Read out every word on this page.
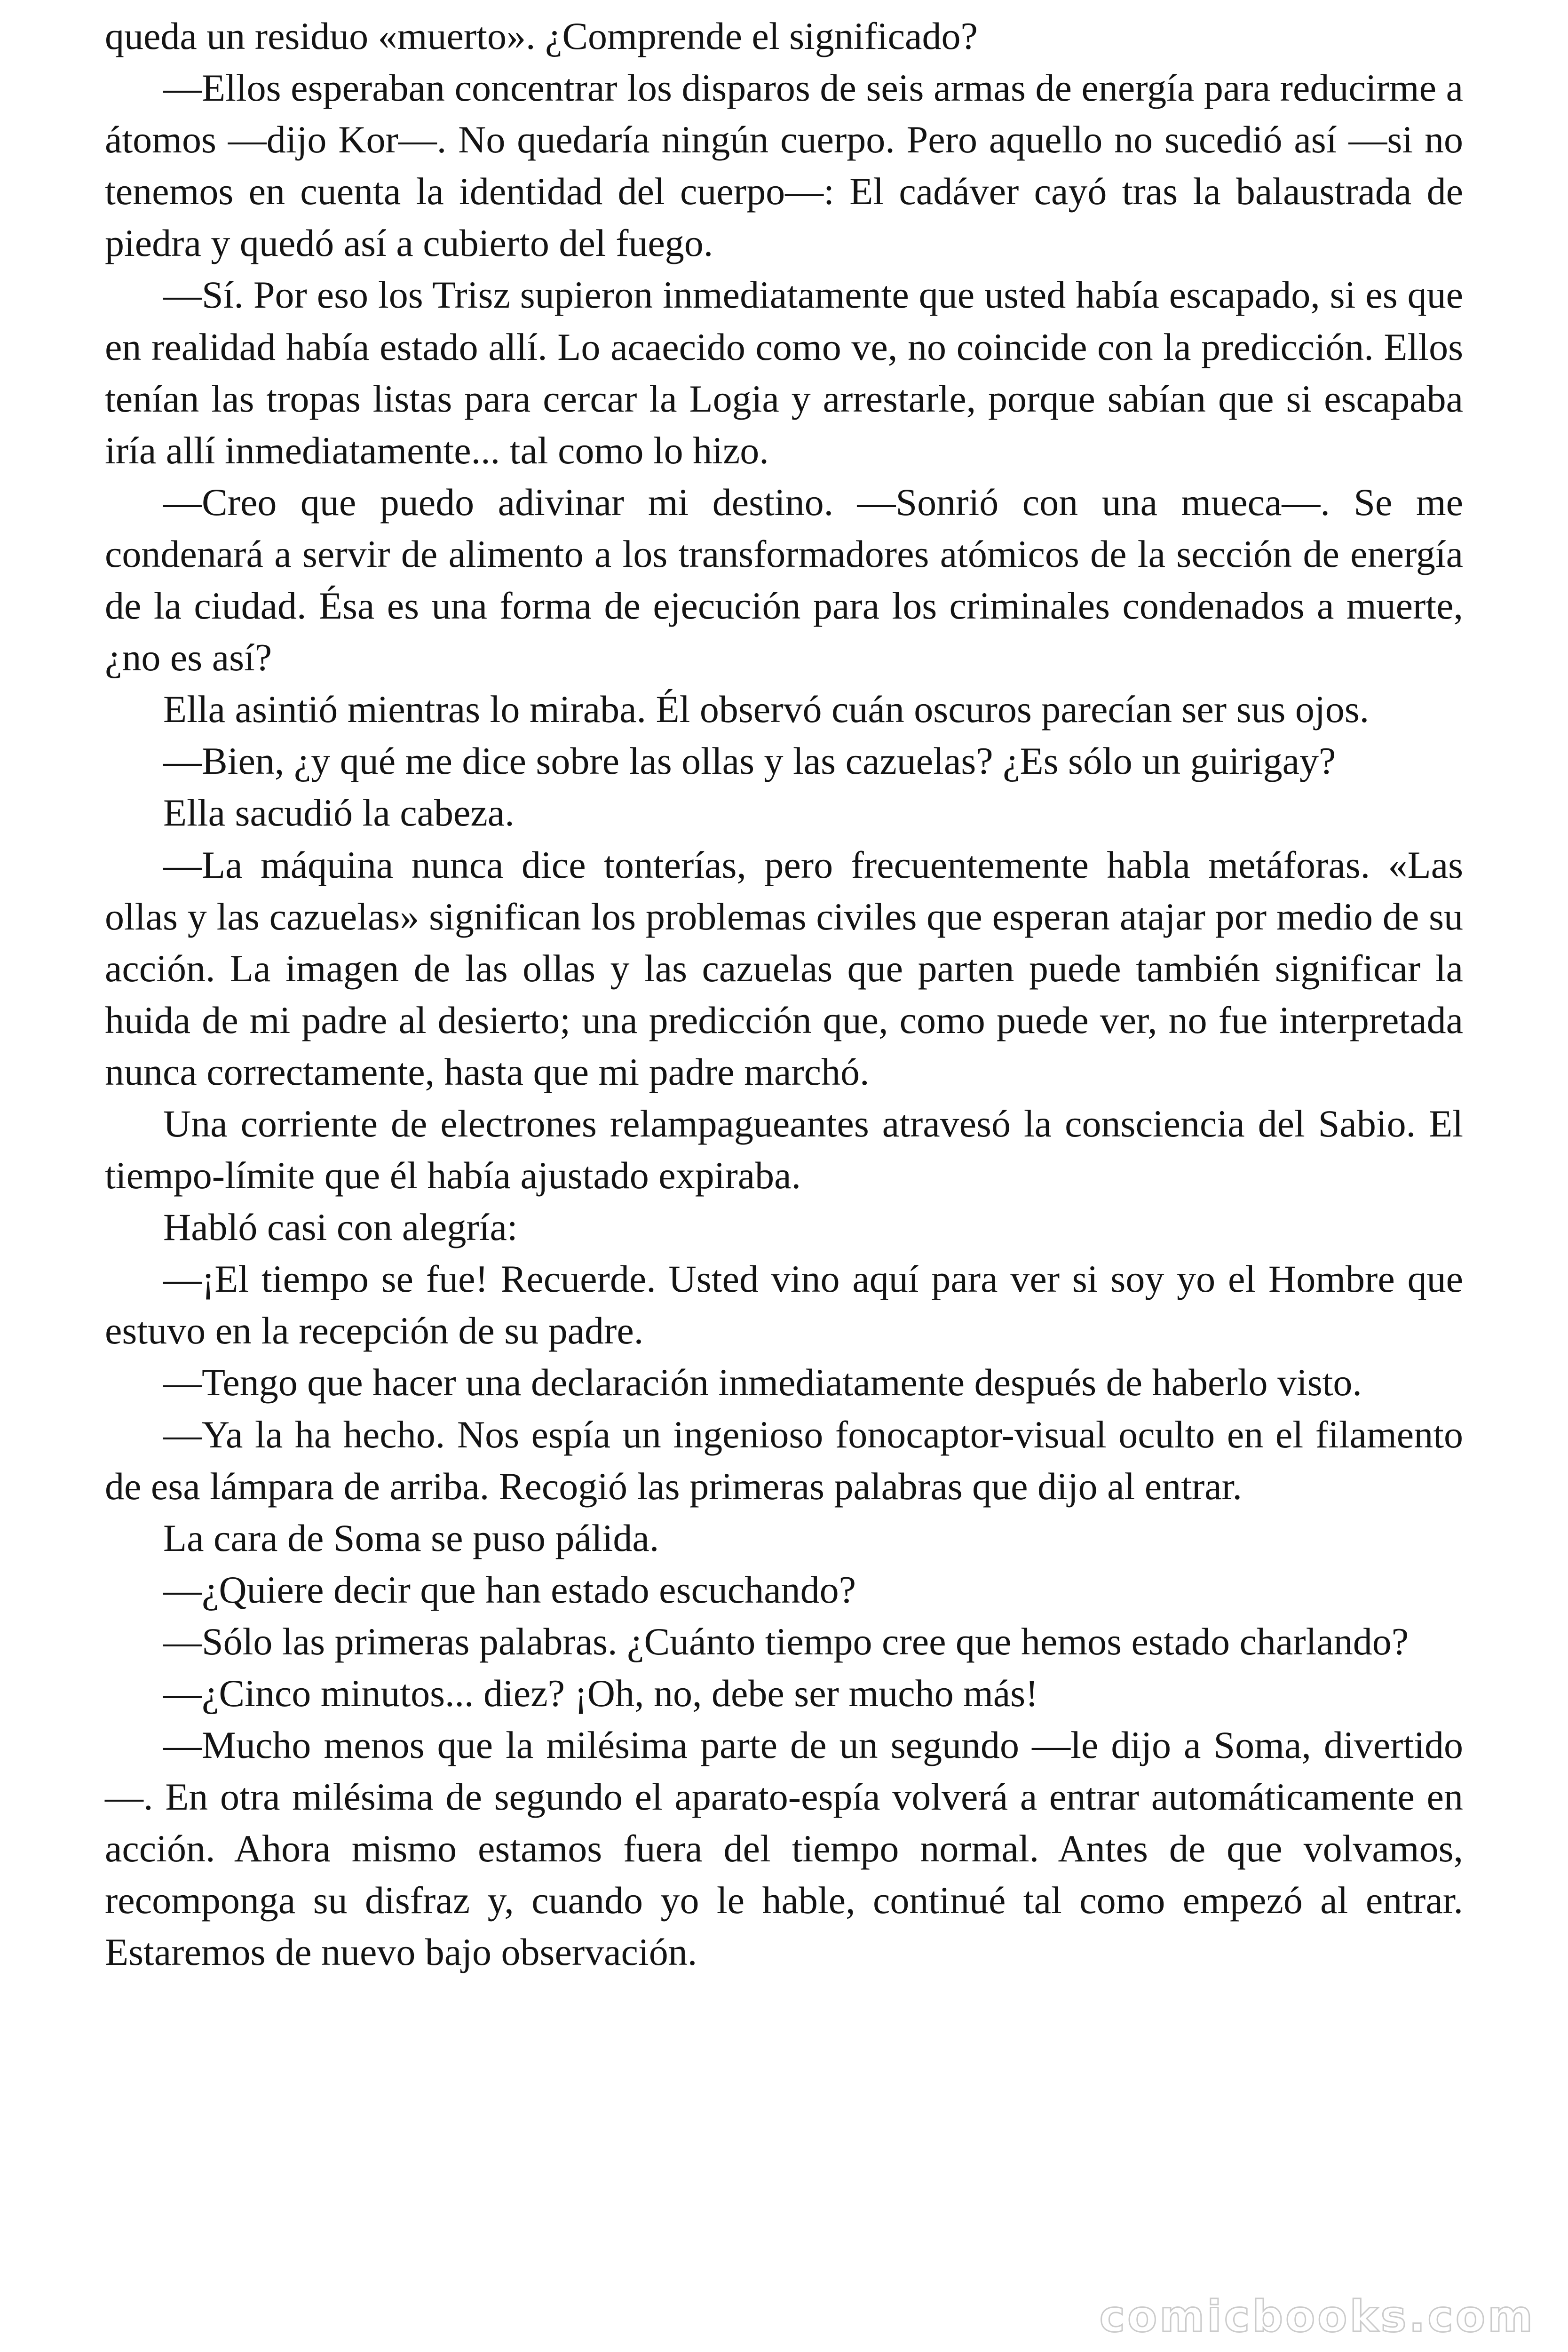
queda un residuo «muerto». ¿Comprende el significado?

—Ellos esperaban concentrar los disparos de seis armas de energía para reducirme a átomos —dijo Kor—. No quedaría ningún cuerpo. Pero aquello no sucedió así —si no tenemos en cuenta la identidad del cuerpo—: El cadáver cayó tras la balaustrada de piedra y quedó así a cubierto del fuego.

—Sí. Por eso los Trisz supieron inmediatamente que usted había escapado, si es que en realidad había estado allí. Lo acaecido como ve, no coincide con la predicción. Ellos tenían las tropas listas para cercar la Logia y arrestarle, porque sabían que si escapaba iría allí inmediatamente... tal como lo hizo.

—Creo que puedo adivinar mi destino. —Sonrió con una mueca—. Se me condenará a servir de alimento a los transformadores atómicos de la sección de energía de la ciudad. Ésa es una forma de ejecución para los criminales condenados a muerte, ¿no es así?

Ella asintió mientras lo miraba. Él observó cuán oscuros parecían ser sus ojos.

—Bien, ¿y qué me dice sobre las ollas y las cazuelas? ¿Es sólo un guirigay?

Ella sacudió la cabeza.

—La máquina nunca dice tonterías, pero frecuentemente habla metáforas. «Las ollas y las cazuelas» significan los problemas civiles que esperan atajar por medio de su acción. La imagen de las ollas y las cazuelas que parten puede también significar la huida de mi padre al desierto; una predicción que, como puede ver, no fue interpretada nunca correctamente, hasta que mi padre marchó.

Una corriente de electrones relampagueantes atravesó la consciencia del Sabio. El tiempo-límite que él había ajustado expiraba.

Habló casi con alegría:

—¡El tiempo se fue! Recuerde. Usted vino aquí para ver si soy yo el Hombre que estuvo en la recepción de su padre.

—Tengo que hacer una declaración inmediatamente después de haberlo visto.

—Ya la ha hecho. Nos espía un ingenioso fonocaptor-visual oculto en el filamento de esa lámpara de arriba. Recogió las primeras palabras que dijo al entrar.

La cara de Soma se puso pálida.

—¿Quiere decir que han estado escuchando?

—Sólo las primeras palabras. ¿Cuánto tiempo cree que hemos estado charlando?

—¿Cinco minutos... diez? ¡Oh, no, debe ser mucho más!

—Mucho menos que la milésima parte de un segundo —le dijo a Soma, divertido—. En otra milésima de segundo el aparato-espía volverá a entrar automáticamente en acción. Ahora mismo estamos fuera del tiempo normal. Antes de que volvamos, recomponga su disfraz y, cuando yo le hable, continué tal como empezó al entrar. Estaremos de nuevo bajo observación.

comicbooks.com
